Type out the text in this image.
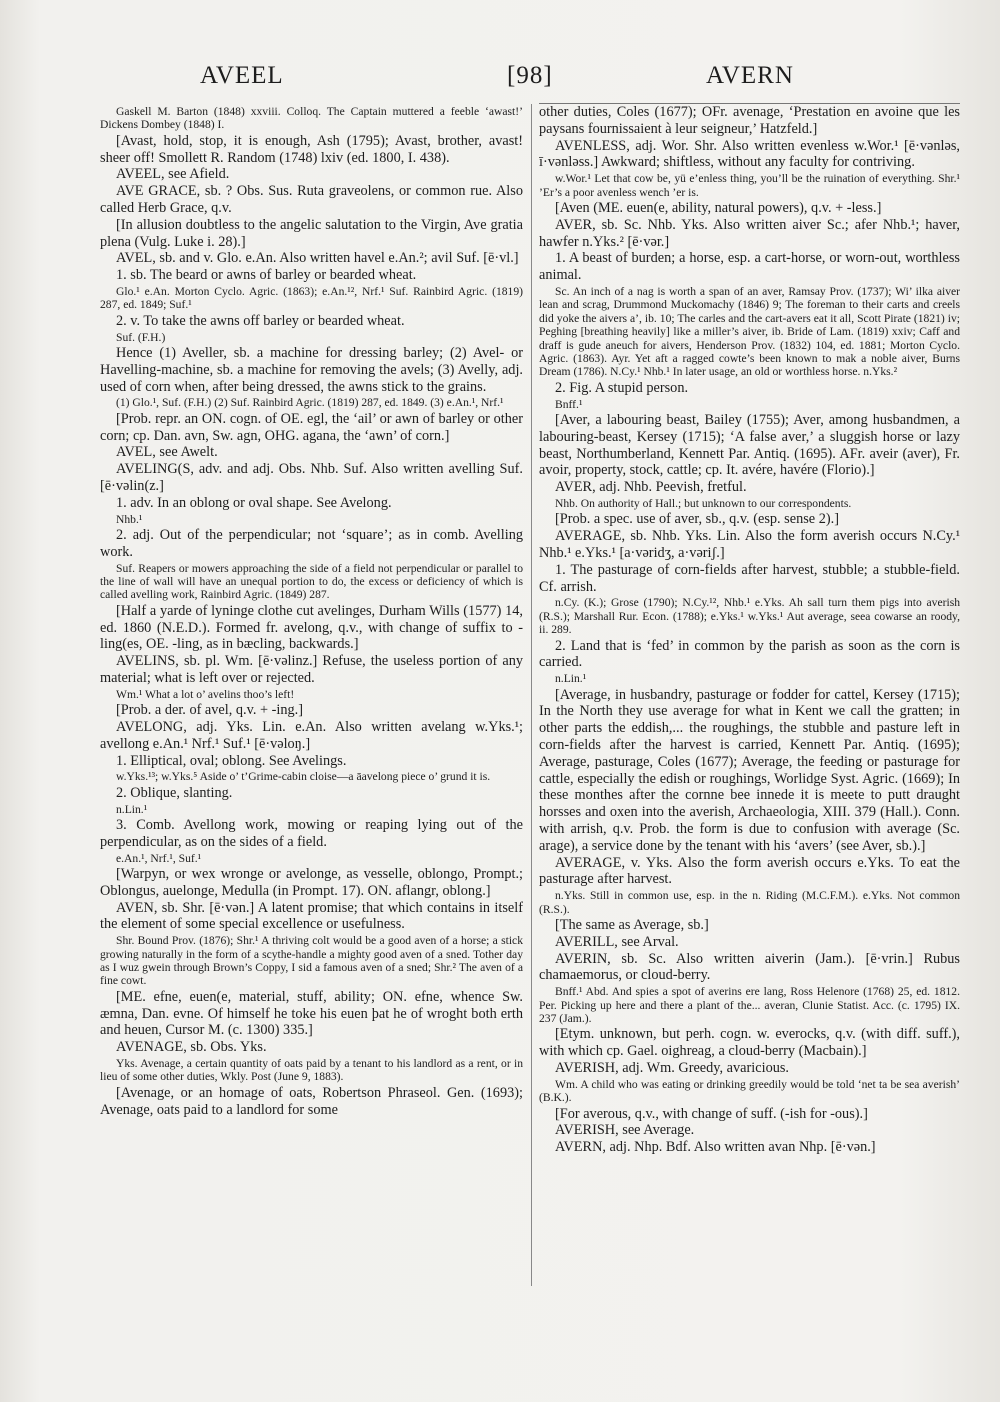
AVEEL	[98]	AVERN

Gaskell M. Barton (1848) xxviii. Colloq. The Captain muttered a feeble ‘awast!’ Dickens Dombey (1848) I.

[Avast, hold, stop, it is enough, Ash (1795); Avast, brother, avast! sheer off! Smollett R. Random (1748) lxiv (ed. 1800, I. 438).

AVEEL, see Afield.

AVE GRACE, sb. ? Obs. Sus. Ruta graveolens, or common rue. Also called Herb Grace, q.v.

[In allusion doubtless to the angelic salutation to the Virgin, Ave gratia plena (Vulg. Luke i. 28).]

AVEL, sb. and v. Glo. e.An. Also written havel e.An.²; avil Suf. [ē·vl.]

1. sb. The beard or awns of barley or bearded wheat.

Glo.¹ e.An. Morton Cyclo. Agric. (1863); e.An.¹², Nrf.¹ Suf. Rainbird Agric. (1819) 287, ed. 1849; Suf.¹

2. v. To take the awns off barley or bearded wheat.

Suf. (F.H.)

Hence (1) Aveller, sb. a machine for dressing barley; (2) Avel- or Havelling-machine, sb. a machine for removing the avels; (3) Avelly, adj. used of corn when, after being dressed, the awns stick to the grains.

(1) Glo.¹, Suf. (F.H.) (2) Suf. Rainbird Agric. (1819) 287, ed. 1849. (3) e.An.¹, Nrf.¹

[Prob. repr. an ON. cogn. of OE. egl, the ‘ail’ or awn of barley or other corn; cp. Dan. avn, Sw. agn, OHG. agana, the ‘awn’ of corn.]

AVEL, see Awelt.

AVELING(S, adv. and adj. Obs. Nhb. Suf. Also written avelling Suf. [ē·vəlin(z.]

1. adv. In an oblong or oval shape. See Avelong.

Nhb.¹

2. adj. Out of the perpendicular; not ‘square’; as in comb. Avelling work.

Suf. Reapers or mowers approaching the side of a field not perpendicular or parallel to the line of wall will have an unequal portion to do, the excess or deficiency of which is called avelling work, Rainbird Agric. (1849) 287.

[Half a yarde of lyninge clothe cut avelinges, Durham Wills (1577) 14, ed. 1860 (N.E.D.). Formed fr. avelong, q.v., with change of suffix to -ling(es, OE. -ling, as in bæcling, backwards.]

AVELINS, sb. pl. Wm. [ē·vəlinz.] Refuse, the useless portion of any material; what is left over or rejected.

Wm.¹ What a lot o’ avelins thoo’s left!

[Prob. a der. of avel, q.v. + -ing.]

AVELONG, adj. Yks. Lin. e.An. Also written avelang w.Yks.¹; avellong e.An.¹ Nrf.¹ Suf.¹ [ē·vəloŋ.]

1. Elliptical, oval; oblong. See Avelings.

w.Yks.¹³; w.Yks.⁵ Aside o’ t’Grime-cabin cloise—a āavelong piece o’ grund it is.

2. Oblique, slanting.

n.Lin.¹

3. Comb. Avellong work, mowing or reaping lying out of the perpendicular, as on the sides of a field.

e.An.¹, Nrf.¹, Suf.¹

[Warpyn, or wex wronge or avelonge, as vesselle, oblongo, Prompt.; Oblongus, auelonge, Medulla (in Prompt. 17). ON. aflangr, oblong.]

AVEN, sb. Shr. [ē·vən.] A latent promise; that which contains in itself the element of some special excellence or usefulness.

Shr. Bound Prov. (1876); Shr.¹ A thriving colt would be a good aven of a horse; a stick growing naturally in the form of a scythe-handle a mighty good aven of a sned. Tother day as I wuz gwein through Brown’s Coppy, I sid a famous aven of a sned; Shr.² The aven of a fine cowt.

[ME. efne, euen(e, material, stuff, ability; ON. efne, whence Sw. æmna, Dan. evne. Of himself he toke his euen þat he of wroght both erth and heuen, Cursor M. (c. 1300) 335.]

AVENAGE, sb. Obs. Yks.

Yks. Avenage, a certain quantity of oats paid by a tenant to his landlord as a rent, or in lieu of some other duties, Wkly. Post (June 9, 1883).

[Avenage, or an homage of oats, Robertson Phraseol. Gen. (1693); Avenage, oats paid to a landlord for some

other duties, Coles (1677); OFr. avenage, ‘Prestation en avoine que les paysans fournissaient à leur seigneur,’ Hatzfeld.]

AVENLESS, adj. Wor. Shr. Also written evenless w.Wor.¹ [ē·vənləs, ī·vənləss.] Awkward; shiftless, without any faculty for contriving.

w.Wor.¹ Let that cow be, yü e’enless thing, you’ll be the ruination of everything. Shr.¹ ’Er’s a poor avenless wench ’er is.

[Aven (ME. euen(e, ability, natural powers), q.v. + -less.]

AVER, sb. Sc. Nhb. Yks. Also written aiver Sc.; afer Nhb.¹; haver, hawfer n.Yks.² [ē·vər.]

1. A beast of burden; a horse, esp. a cart-horse, or worn-out, worthless animal.

Sc. An inch of a nag is worth a span of an aver, Ramsay Prov. (1737); Wi’ ilka aiver lean and scrag, Drummond Muckomachy (1846) 9; The foreman to their carts and creels did yoke the aivers a’, ib. 10; The carles and the cart-avers eat it all, Scott Pirate (1821) iv; Peghing [breathing heavily] like a miller’s aiver, ib. Bride of Lam. (1819) xxiv; Caff and draff is gude aneuch for aivers, Henderson Prov. (1832) 104, ed. 1881; Morton Cyclo. Agric. (1863). Ayr. Yet aft a ragged cowte’s been known to mak a noble aiver, Burns Dream (1786). N.Cy.¹ Nhb.¹ In later usage, an old or worthless horse. n.Yks.²

2. Fig. A stupid person.

Bnff.¹

[Aver, a labouring beast, Bailey (1755); Aver, among husbandmen, a labouring-beast, Kersey (1715); ‘A false aver,’ a sluggish horse or lazy beast, Northumberland, Kennett Par. Antiq. (1695). AFr. aveir (aver), Fr. avoir, property, stock, cattle; cp. It. avére, havére (Florio).]

AVER, adj. Nhb. Peevish, fretful.

Nhb. On authority of Hall.; but unknown to our correspondents.

[Prob. a spec. use of aver, sb., q.v. (esp. sense 2).]

AVERAGE, sb. Nhb. Yks. Lin. Also the form averish occurs N.Cy.¹ Nhb.¹ e.Yks.¹ [a·vəridʒ, a·vəriʃ.]

1. The pasturage of corn-fields after harvest, stubble; a stubble-field. Cf. arrish.

n.Cy. (K.); Grose (1790); N.Cy.¹², Nhb.¹ e.Yks. Ah sall turn them pigs into averish (R.S.); Marshall Rur. Econ. (1788); e.Yks.¹ w.Yks.¹ Aut average, seea cowarse an roody, ii. 289.

2. Land that is ‘fed’ in common by the parish as soon as the corn is carried.

n.Lin.¹

[Average, in husbandry, pasturage or fodder for cattel, Kersey (1715); In the North they use average for what in Kent we call the gratten; in other parts the eddish,... the roughings, the stubble and pasture left in corn-fields after the harvest is carried, Kennett Par. Antiq. (1695); Average, pasturage, Coles (1677); Average, the feeding or pasturage for cattle, especially the edish or roughings, Worlidge Syst. Agric. (1669); In these monthes after the cornne bee innede it is meete to putt draught horsses and oxen into the averish, Archaeologia, XIII. 379 (Hall.). Conn. with arrish, q.v. Prob. the form is due to confusion with average (Sc. arage), a service done by the tenant with his ‘avers’ (see Aver, sb.).]

AVERAGE, v. Yks. Also the form averish occurs e.Yks. To eat the pasturage after harvest.

n.Yks. Still in common use, esp. in the n. Riding (M.C.F.M.). e.Yks. Not common (R.S.).

[The same as Average, sb.]

AVERILL, see Arval.

AVERIN, sb. Sc. Also written aiverin (Jam.). [ē·vrin.] Rubus chamaemorus, or cloud-berry.

Bnff.¹ Abd. And spies a spot of averins ere lang, Ross Helenore (1768) 25, ed. 1812. Per. Picking up here and there a plant of the... averan, Clunie Statist. Acc. (c. 1795) IX. 237 (Jam.).

[Etym. unknown, but perh. cogn. w. everocks, q.v. (with diff. suff.), with which cp. Gael. oighreag, a cloud-berry (Macbain).]

AVERISH, adj. Wm. Greedy, avaricious.

Wm. A child who was eating or drinking greedily would be told ‘net ta be sea averish’ (B.K.).

[For averous, q.v., with change of suff. (-ish for -ous).]

AVERISH, see Average.

AVERN, adj. Nhp. Bdf. Also written avan Nhp. [ē·vən.]
